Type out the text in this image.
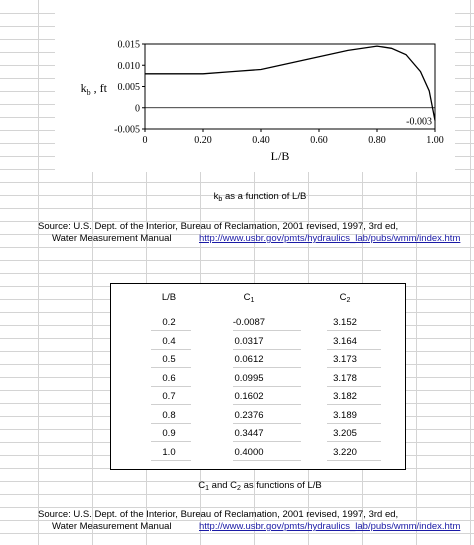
0.015
0.010
0.005
0
-0.005
0	0.20	0.40	0.60	0.80	1.00
-0.003
$k_b$ , ft
L/B
$k_b$ as a function of L/B
Source: U.S. Dept. of the Interior, Bureau of Reclamation, 2001 revised, 1997, 3rd ed,
Water Measurement Manual	http://www.usbr.gov/pmts/hydraulics_lab/pubs/wmm/index.htm
L/B	$C_1$	$C_2$
0.2	-0.0087	3.152
0.4	0.0317	3.164
0.5	0.0612	3.173
0.6	0.0995	3.178
0.7	0.1602	3.182
0.8	0.2376	3.189
0.9	0.3447	3.205
1.0	0.4000	3.220
$C_1$ and $C_2$ as functions of L/B
Source: U.S. Dept. of the Interior, Bureau of Reclamation, 2001 revised, 1997, 3rd ed,
Water Measurement Manual	http://www.usbr.gov/pmts/hydraulics_lab/pubs/wmm/index.htm
